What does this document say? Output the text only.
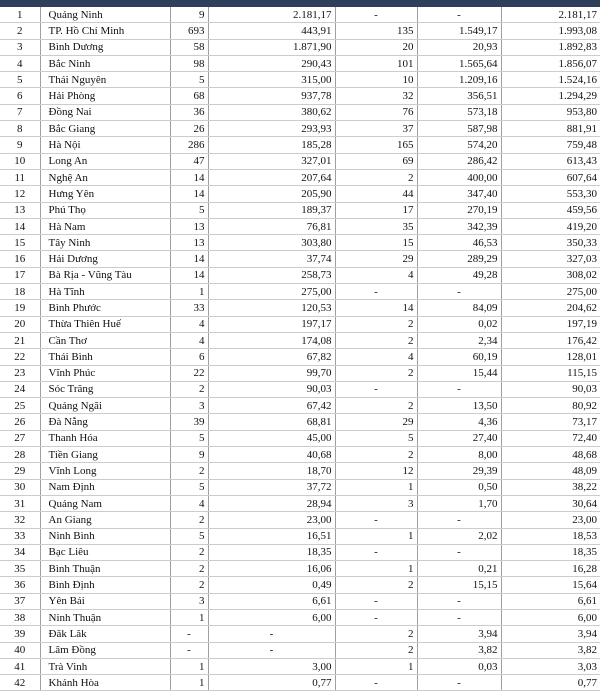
1	Quảng Ninh	9	2.181,17	-	-	2.181,17
2	TP. Hồ Chí Minh	693	443,91	135	1.549,17	1.993,08
3	Bình Dương	58	1.871,90	20	20,93	1.892,83
4	Bắc Ninh	98	290,43	101	1.565,64	1.856,07
5	Thái Nguyên	5	315,00	10	1.209,16	1.524,16
6	Hải Phòng	68	937,78	32	356,51	1.294,29
7	Đồng Nai	36	380,62	76	573,18	953,80
8	Bắc Giang	26	293,93	37	587,98	881,91
9	Hà Nội	286	185,28	165	574,20	759,48
10	Long An	47	327,01	69	286,42	613,43
11	Nghệ An	14	207,64	2	400,00	607,64
12	Hưng Yên	14	205,90	44	347,40	553,30
13	Phú Thọ	5	189,37	17	270,19	459,56
14	Hà Nam	13	76,81	35	342,39	419,20
15	Tây Ninh	13	303,80	15	46,53	350,33
16	Hải Dương	14	37,74	29	289,29	327,03
17	Bà Rịa - Vũng Tàu	14	258,73	4	49,28	308,02
18	Hà Tĩnh	1	275,00	-	-	275,00
19	Bình Phước	33	120,53	14	84,09	204,62
20	Thừa Thiên Huế	4	197,17	2	0,02	197,19
21	Cần Thơ	4	174,08	2	2,34	176,42
22	Thái Bình	6	67,82	4	60,19	128,01
23	Vĩnh Phúc	22	99,70	2	15,44	115,15
24	Sóc Trăng	2	90,03	-	-	90,03
25	Quảng Ngãi	3	67,42	2	13,50	80,92
26	Đà Nẵng	39	68,81	29	4,36	73,17
27	Thanh Hóa	5	45,00	5	27,40	72,40
28	Tiền Giang	9	40,68	2	8,00	48,68
29	Vĩnh Long	2	18,70	12	29,39	48,09
30	Nam Định	5	37,72	1	0,50	38,22
31	Quảng Nam	4	28,94	3	1,70	30,64
32	An Giang	2	23,00	-	-	23,00
33	Ninh Bình	5	16,51	1	2,02	18,53
34	Bạc Liêu	2	18,35	-	-	18,35
35	Bình Thuận	2	16,06	1	0,21	16,28
36	Bình Định	2	0,49	2	15,15	15,64
37	Yên Bái	3	6,61	-	-	6,61
38	Ninh Thuận	1	6,00	-	-	6,00
39	Đăk Lăk	-	-	2	3,94	3,94
40	Lâm Đồng	-	-	2	3,82	3,82
41	Trà Vinh	1	3,00	1	0,03	3,03
42	Khánh Hòa	1	0,77	-	-	0,77
